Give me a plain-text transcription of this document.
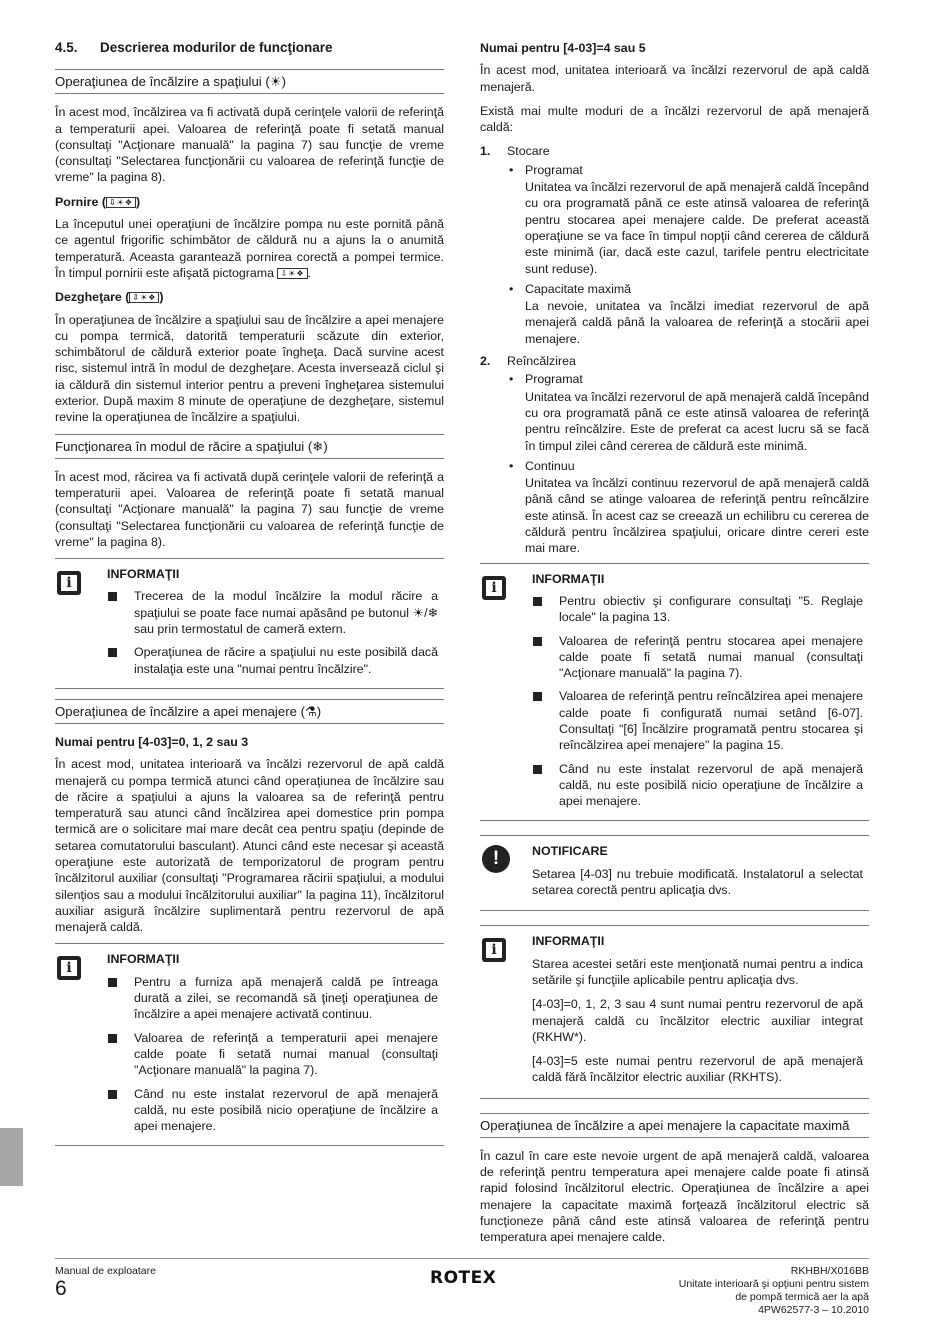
4.5.	Descrierea modurilor de funcţionare
Operaţiunea de încălzire a spaţiului (☀)

În acest mod, încălzirea va fi activată după cerinţele valorii de referinţă a temperaturii apei. Valoarea de referinţă poate fi setată manual (consultaţi "Acţionare manuală" la pagina 7) sau funcţie de vreme (consultaţi "Selectarea funcţionării cu valoarea de referinţă funcţie de vreme" la pagina 8).

Pornire ( ⇩☀❖ )

La începutul unei operaţiuni de încălzire pompa nu este pornită până ce agentul frigorific schimbător de căldură nu a ajuns la o anumită temperatură. Aceasta garantează pornirea corectă a pompei termice. În timpul pornirii este afişată pictograma ⇩☀❖ .

Dezgheţare ( ⇩☀❖ )

În operaţiunea de încălzire a spaţiului sau de încălzire a apei menajere cu pompa termică, datorită temperaturii scăzute din exterior, schimbătorul de căldură exterior poate îngheţa. Dacă survine acest risc, sistemul intră în modul de dezgheţare. Acesta inversează ciclul şi ia căldură din sistemul interior pentru a preveni îngheţarea sistemului exterior. După maxim 8 minute de operaţiune de dezgheţare, sistemul revine la operaţiunea de încălzire a spaţiului.

Funcţionarea în modul de răcire a spaţiului (❄)

În acest mod, răcirea va fi activată după cerinţele valorii de referinţă a temperaturii apei. Valoarea de referinţă poate fi setată manual (consultaţi "Acţionare manuală" la pagina 7) sau funcţie de vreme (consultaţi "Selectarea funcţionării cu valoarea de referinţă funcţie de vreme" la pagina 8).

i
INFORMAŢII
Trecerea de la modul încălzire la modul răcire a spaţiului se poate face numai apăsând pe butonul ☀/❄ sau prin termostatul de cameră extern.
Operaţiunea de răcire a spaţiului nu este posibilă dacă instalaţia este una "numai pentru încălzire".
Operaţiunea de încălzire a apei menajere (⚗)
Numai pentru [4-03]=0, 1, 2 sau 3

În acest mod, unitatea interioară va încălzi rezervorul de apă caldă menajeră cu pompa termică atunci când operaţiunea de încălzire sau de răcire a spaţiului a ajuns la valoarea sa de referinţă pentru temperatură sau atunci când încălzirea apei domestice prin pompa termică are o solicitare mai mare decât cea pentru spaţiu (depinde de setarea comutatorului basculant). Atunci când este necesar şi această operaţiune este autorizată de temporizatorul de program pentru încălzitorul auxiliar (consultaţi "Programarea răcirii spaţiului, a modului silenţios sau a modului încălzitorului auxiliar" la pagina 11), încălzitorul auxiliar asigură încălzire suplimentară pentru rezervorul de apă menajeră caldă.

i
INFORMAŢII
Pentru a furniza apă menajeră caldă pe întreaga durată a zilei, se recomandă să ţineţi operaţiunea de încălzire a apei menajere activată continuu.
Valoarea de referinţă a temperaturii apei menajere calde poate fi setată numai manual (consultaţi "Acţionare manuală" la pagina 7).
Când nu este instalat rezervorul de apă menajeră caldă, nu este posibilă nicio operaţiune de încălzire a apei menajere.
Numai pentru [4-03]=4 sau 5

În acest mod, unitatea interioară va încălzi rezervorul de apă caldă menajeră.

Există mai multe moduri de a încălzi rezervorul de apă menajeră caldă:

1. Stocare
• Programat
Unitatea va încălzi rezervorul de apă menajeră caldă începând cu ora programată până ce este atinsă valoarea de referinţă pentru stocarea apei menajere calde. De preferat această operaţiune se va face în timpul nopţii când cererea de căldură este minimă (iar, dacă este cazul, tarifele pentru electricitate sunt reduse).
• Capacitate maximă
La nevoie, unitatea va încălzi imediat rezervorul de apă menajeră caldă până la valoarea de referinţă a stocării apei menajere.
2. Reîncălzirea
• Programat
Unitatea va încălzi rezervorul de apă menajeră caldă începând cu ora programată până ce este atinsă valoarea de referinţă pentru reîncălzire. Este de preferat ca acest lucru să se facă în timpul zilei când cererea de căldură este minimă.
• Continuu
Unitatea va încălzi continuu rezervorul de apă menajeră caldă până când se atinge valoarea de referinţă pentru reîncălzire este atinsă. În acest caz se creează un echilibru cu cererea de căldură pentru încălzirea spaţiului, oricare dintre cereri este mai mare.
i
INFORMAŢII
Pentru obiectiv şi configurare consultaţi "5. Reglaje locale" la pagina 13.
Valoarea de referinţă pentru stocarea apei menajere calde poate fi setată numai manual (consultaţi "Acţionare manuală" la pagina 7).
Valoarea de referinţă pentru reîncălzirea apei menajere calde poate fi configurată numai setând [6-07]. Consultaţi "[6] Încălzire programată pentru stocarea şi reîncălzirea apei menajere" la pagina 15.
Când nu este instalat rezervorul de apă menajeră caldă, nu este posibilă nicio operaţiune de încălzire a apei menajere.
!	NOTIFICARE

Setarea [4-03] nu trebuie modificată. Instalatorul a selectat setarea corectă pentru aplicaţia dvs.

i
INFORMAŢII

Starea acestei setări este menţionată numai pentru a indica setările şi funcţiile aplicabile pentru aplicaţia dvs.

[4-03]=0, 1, 2, 3 sau 4 sunt numai pentru rezervorul de apă menajeră caldă cu încălzitor electric auxiliar integrat (RKHW*).

[4-03]=5 este numai pentru rezervorul de apă menajeră caldă fără încălzitor electric auxiliar (RKHTS).

Operaţiunea de încălzire a apei menajere la capacitate maximă

În cazul în care este nevoie urgent de apă menajeră caldă, valoarea de referinţă pentru temperatura apei menajere calde poate fi atinsă rapid folosind încălzitorul electric. Operaţiunea de încălzire a apei menajere la capacitate maximă forţează încălzitorul electric să funcţioneze până când este atinsă valoarea de referinţă pentru temperatura apei menajere calde.

Manual de exploatare
6	ROTEX	RKHBH/X016BB
Unitate interioară şi opţiuni pentru sistem
de pompă termică aer la apă
4PW62577-3 – 10.2010
